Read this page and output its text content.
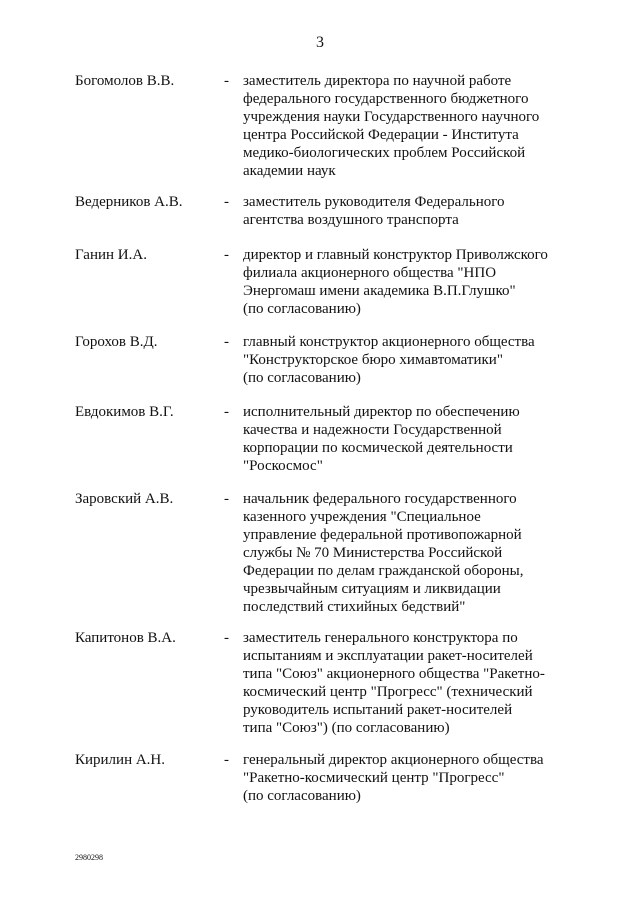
3
Богомолов В.В.	- заместитель директора по научной работе
федерального государственного бюджетного
учреждения науки Государственного научного
центра Российской Федерации - Института
медико-биологических проблем Российской
академии наук
Ведерников А.В.	- заместитель руководителя Федерального
агентства воздушного транспорта
Ганин И.А.	- директор и главный конструктор Приволжского
филиала акционерного общества "НПО
Энергомаш имени академика В.П.Глушко"
(по согласованию)
Горохов В.Д.	- главный конструктор акционерного общества
"Конструкторское бюро химавтоматики"
(по согласованию)
Евдокимов В.Г.	- исполнительный директор по обеспечению
качества и надежности Государственной
корпорации по космической деятельности
"Роскосмос"
Заровский А.В.	- начальник федерального государственного
казенного учреждения "Специальное
управление федеральной противопожарной
службы № 70 Министерства Российской
Федерации по делам гражданской обороны,
чрезвычайным ситуациям и ликвидации
последствий стихийных бедствий"
Капитонов В.А.	- заместитель генерального конструктора по
испытаниям и эксплуатации ракет-носителей
типа "Союз" акционерного общества "Ракетно-
космический центр "Прогресс" (технический
руководитель испытаний ракет-носителей
типа "Союз") (по согласованию)
Кирилин А.Н.	- генеральный директор акционерного общества
"Ракетно-космический центр "Прогресс"
(по согласованию)
2980298
